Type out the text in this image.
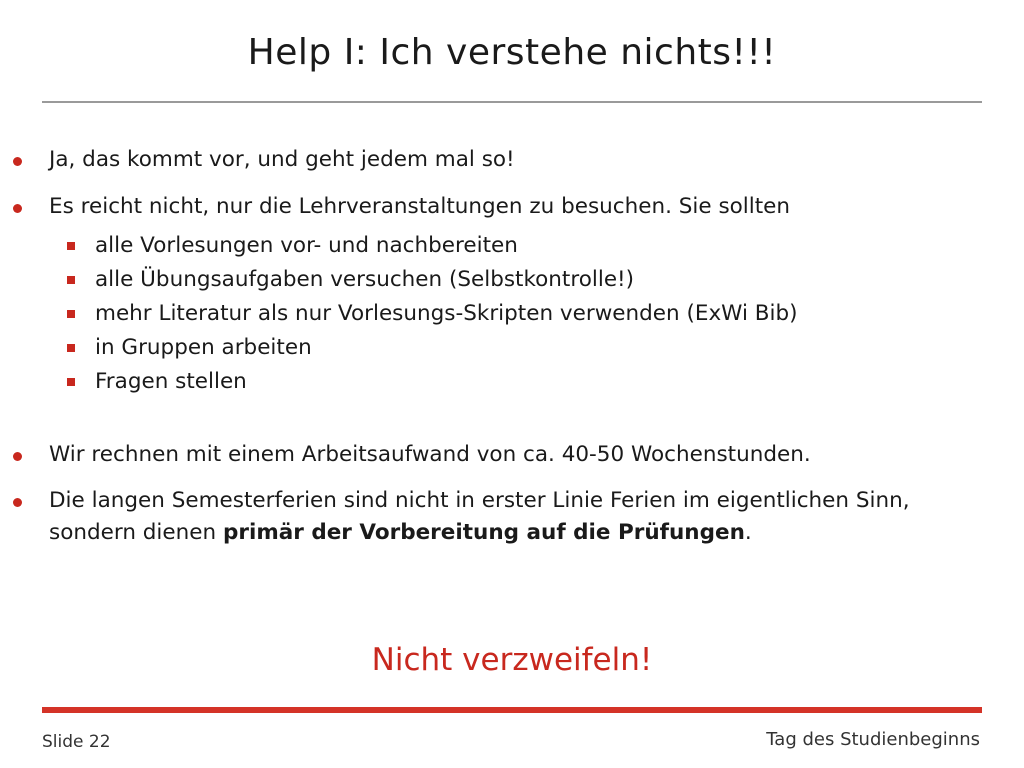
Help I: Ich verstehe nichts!!!
Ja, das kommt vor, und geht jedem mal so!
Es reicht nicht, nur die Lehrveranstaltungen zu besuchen. Sie sollten
alle Vorlesungen vor- und nachbereiten
alle Übungsaufgaben versuchen (Selbstkontrolle!)
mehr Literatur als nur Vorlesungs-Skripten verwenden (ExWi Bib)
in Gruppen arbeiten
Fragen stellen
Wir rechnen mit einem Arbeitsaufwand von ca. 40-50 Wochenstunden.
Die langen Semesterferien sind nicht in erster Linie Ferien im eigentlichen Sinn, sondern dienen primär der Vorbereitung auf die Prüfungen.
Nicht verzweifeln!
Slide 22	Tag des Studienbeginns
